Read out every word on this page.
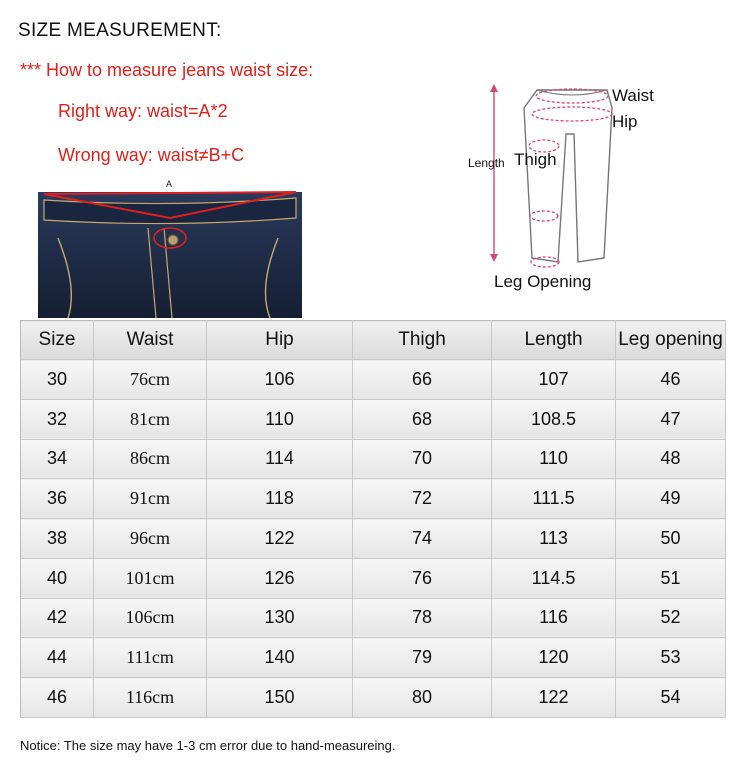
SIZE MEASUREMENT:
*** How to measure jeans waist size:
Right way: waist=A*2
Wrong way: waist≠B+C
A
Waist
Hip
Thigh
Length
Leg Opening
Size	Waist	Hip	Thigh	Length	Leg opening
30	76cm	106	66	107	46
32	81cm	110	68	108.5	47
34	86cm	114	70	110	48
36	91cm	118	72	111.5	49
38	96cm	122	74	113	50
40	101cm	126	76	114.5	51
42	106cm	130	78	116	52
44	111cm	140	79	120	53
46	116cm	150	80	122	54
Notice: The size may have 1-3 cm error due to hand-measureing.
